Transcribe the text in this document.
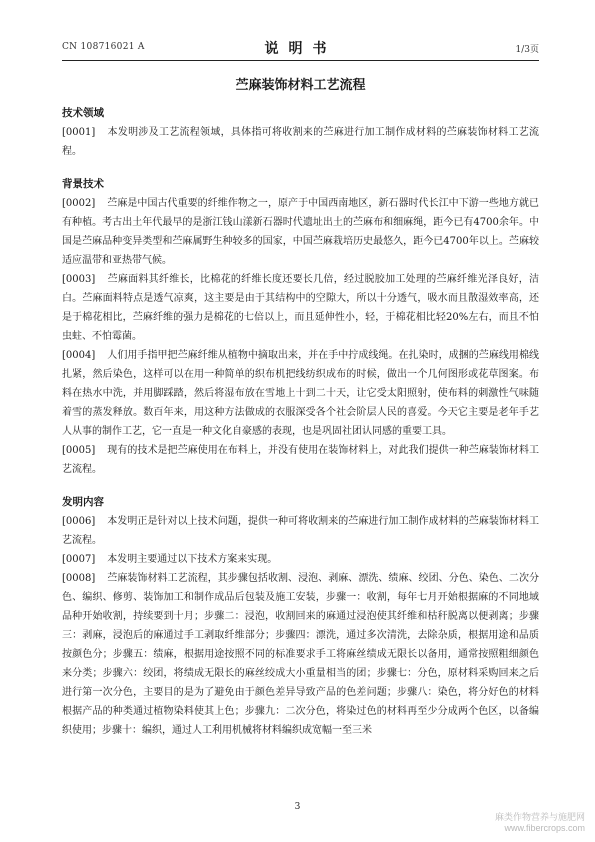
CN 108716021 A	说明书	1/3页
苎麻装饰材料工艺流程
技术领域

[0001] 本发明涉及工艺流程领域，具体指可将收割来的苎麻进行加工制作成材料的苎麻装饰材料工艺流程。

背景技术

[0002] 苎麻是中国古代重要的纤维作物之一，原产于中国西南地区，新石器时代长江中下游一些地方就已有种植。考古出土年代最早的是浙江钱山漾新石器时代遗址出土的苎麻布和细麻绳，距今已有4700余年。中国是苎麻品种变异类型和苎麻属野生种较多的国家，中国苎麻栽培历史最悠久，距今已4700年以上。苎麻较适应温带和亚热带气候。

[0003] 苎麻面料其纤维长，比棉花的纤维长度还要长几倍，经过脱胶加工处理的苎麻纤维光泽良好，洁白。苎麻面料特点是透气凉爽，这主要是由于其结构中的空隙大，所以十分透气，吸水而且散湿效率高，还是于棉花相比，苎麻纤维的强力是棉花的七倍以上，而且延伸性小，轻，于棉花相比轻20%左右，而且不怕虫蛀、不怕霉菌。

[0004] 人们用手指甲把苎麻纤维从植物中摘取出来，并在手中拧成线绳。在扎染时，成捆的苎麻线用棉线扎紧，然后染色，这样可以在用一种简单的织布机把线纺织成布的时候，做出一个几何图形或花草图案。布料在热水中洗，并用脚踩踏，然后将湿布放在雪地上十到二十天，让它受太阳照射，使布料的刺激性气味随着雪的蒸发释放。数百年来，用这种方法做成的衣服深受各个社会阶层人民的喜爱。今天它主要是老年手艺人从事的制作工艺，它一直是一种文化自豪感的表现，也是巩固社团认同感的重要工具。

[0005] 现有的技术是把苎麻使用在布料上，并没有使用在装饰材料上，对此我们提供一种苎麻装饰材料工艺流程。

发明内容

[0006] 本发明正是针对以上技术问题，提供一种可将收割来的苎麻进行加工制作成材料的苎麻装饰材料工艺流程。

[0007] 本发明主要通过以下技术方案来实现。

[0008] 苎麻装饰材料工艺流程，其步骤包括收割、浸泡、剥麻、漂洗、绩麻、绞团、分色、染色、二次分色、编织、修剪、装饰加工和制作成品后包装及施工安装，步骤一：收割，每年七月开始根据麻的不同地域品种开始收割，持续要到十月；步骤二：浸泡，收割回来的麻通过浸泡使其纤维和枯秆脱离以便剥离；步骤三：剥麻，浸泡后的麻通过手工剥取纤维部分；步骤四：漂洗，通过多次清洗，去除杂质，根据用途和品质按颜色分；步骤五：绩麻，根据用途按照不同的标准要求手工将麻丝绩成无限长以备用，通常按照粗细颜色来分类；步骤六：绞团，将绩成无限长的麻丝绞成大小重量相当的团；步骤七：分色，原材料采购回来之后进行第一次分色，主要目的是为了避免由于颜色差异导致产品的色差问题；步骤八：染色，将分好色的材料根据产品的种类通过植物染料使其上色；步骤九：二次分色，将染过色的材料再至少分成两个色区，以备编织使用；步骤十：编织，通过人工利用机械将材料编织成宽幅一至三米

3
麻类作物营养与施肥网
www.fibercrops.com
